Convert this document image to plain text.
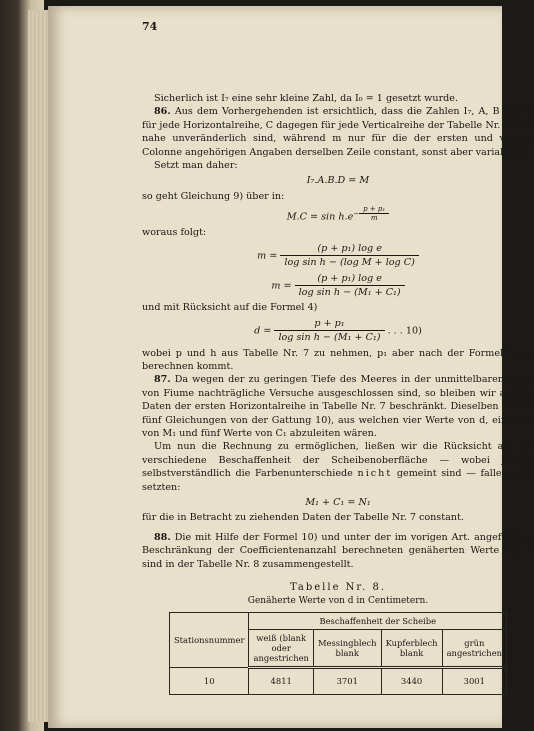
74

Sicherlich ist I₇ eine sehr kleine Zahl, da I₀ = 1 gesetzt wurde.

86. Aus dem Vorhergehenden ist ersichtlich, dass die Zahlen I₇, A, B und D für jede Horizontalreihe, C dagegen für jede Verticalreihe der Tabelle Nr. 7 sehr nahe unveränderlich sind, während m nur für die der ersten und vierten Colonne angehörigen Angaben derselben Zeile constant, sonst aber variabel ist.

Setzt man daher:

I₇.A.B.D = M

so geht Gleichung 9) über in:

$M.C = \sin h.e^{- \frac{\text{p + p₁}}{m}}$

woraus folgt:

$m = \frac{\text{(p + p₁) log e}}{\text{log sin h − (log M + log C)}}$
$m = \frac{\text{(p + p₁) log e}}{\text{log sin h − (M₁ + C₁)}}$

und mit Rücksicht auf die Formel 4)

$d = \frac{\text{p + p₁}}{\text{log sin h − (M₁ + C₁)}}$ . . . 10)

wobei p und h aus Tabelle Nr. 7 zu nehmen, p₁ aber nach der Formel 5) zu berechnen kommt.

87. Da wegen der zu geringen Tiefe des Meeres in der unmittelbaren Nähe von Fiume nachträgliche Versuche ausgeschlossen sind, so bleiben wir auf die Daten der ersten Horizontalreihe in Tabelle Nr. 7 beschränkt. Dieselben liefern fünf Gleichungen von der Gattung 10), aus welchen vier Werte von d, ein Wert von M₁ und fünf Werte von C₁ abzuleiten wären.

Um nun die Rechnung zu ermöglichen, ließen wir die Rücksicht auf die verschiedene Beschaffenheit der Scheibenoberfläche — wobei jedoch selbstverständlich die Farbenunterschiede nicht gemeint sind — fallen, und setzten:

M₁ + C₁ = N₁

für die in Betracht zu ziehenden Daten der Tabelle Nr. 7 constant.

88. Die mit Hilfe der Formel 10) und unter der im vorigen Art. angeführten Beschränkung der Coefficientenanzahl berechneten genäherten Werte von d sind in der Tabelle Nr. 8 zusammengestellt.

Tabelle Nr. 8.
Genäherte Werte von d in Centimetern.
Stationsnummer	Beschaffenheit der Scheibe			
	weiß (blank oder angestrichen	Messingblech blank	Kupferblech blank	grün angestrichen
10	4811	3701	3440	3001
